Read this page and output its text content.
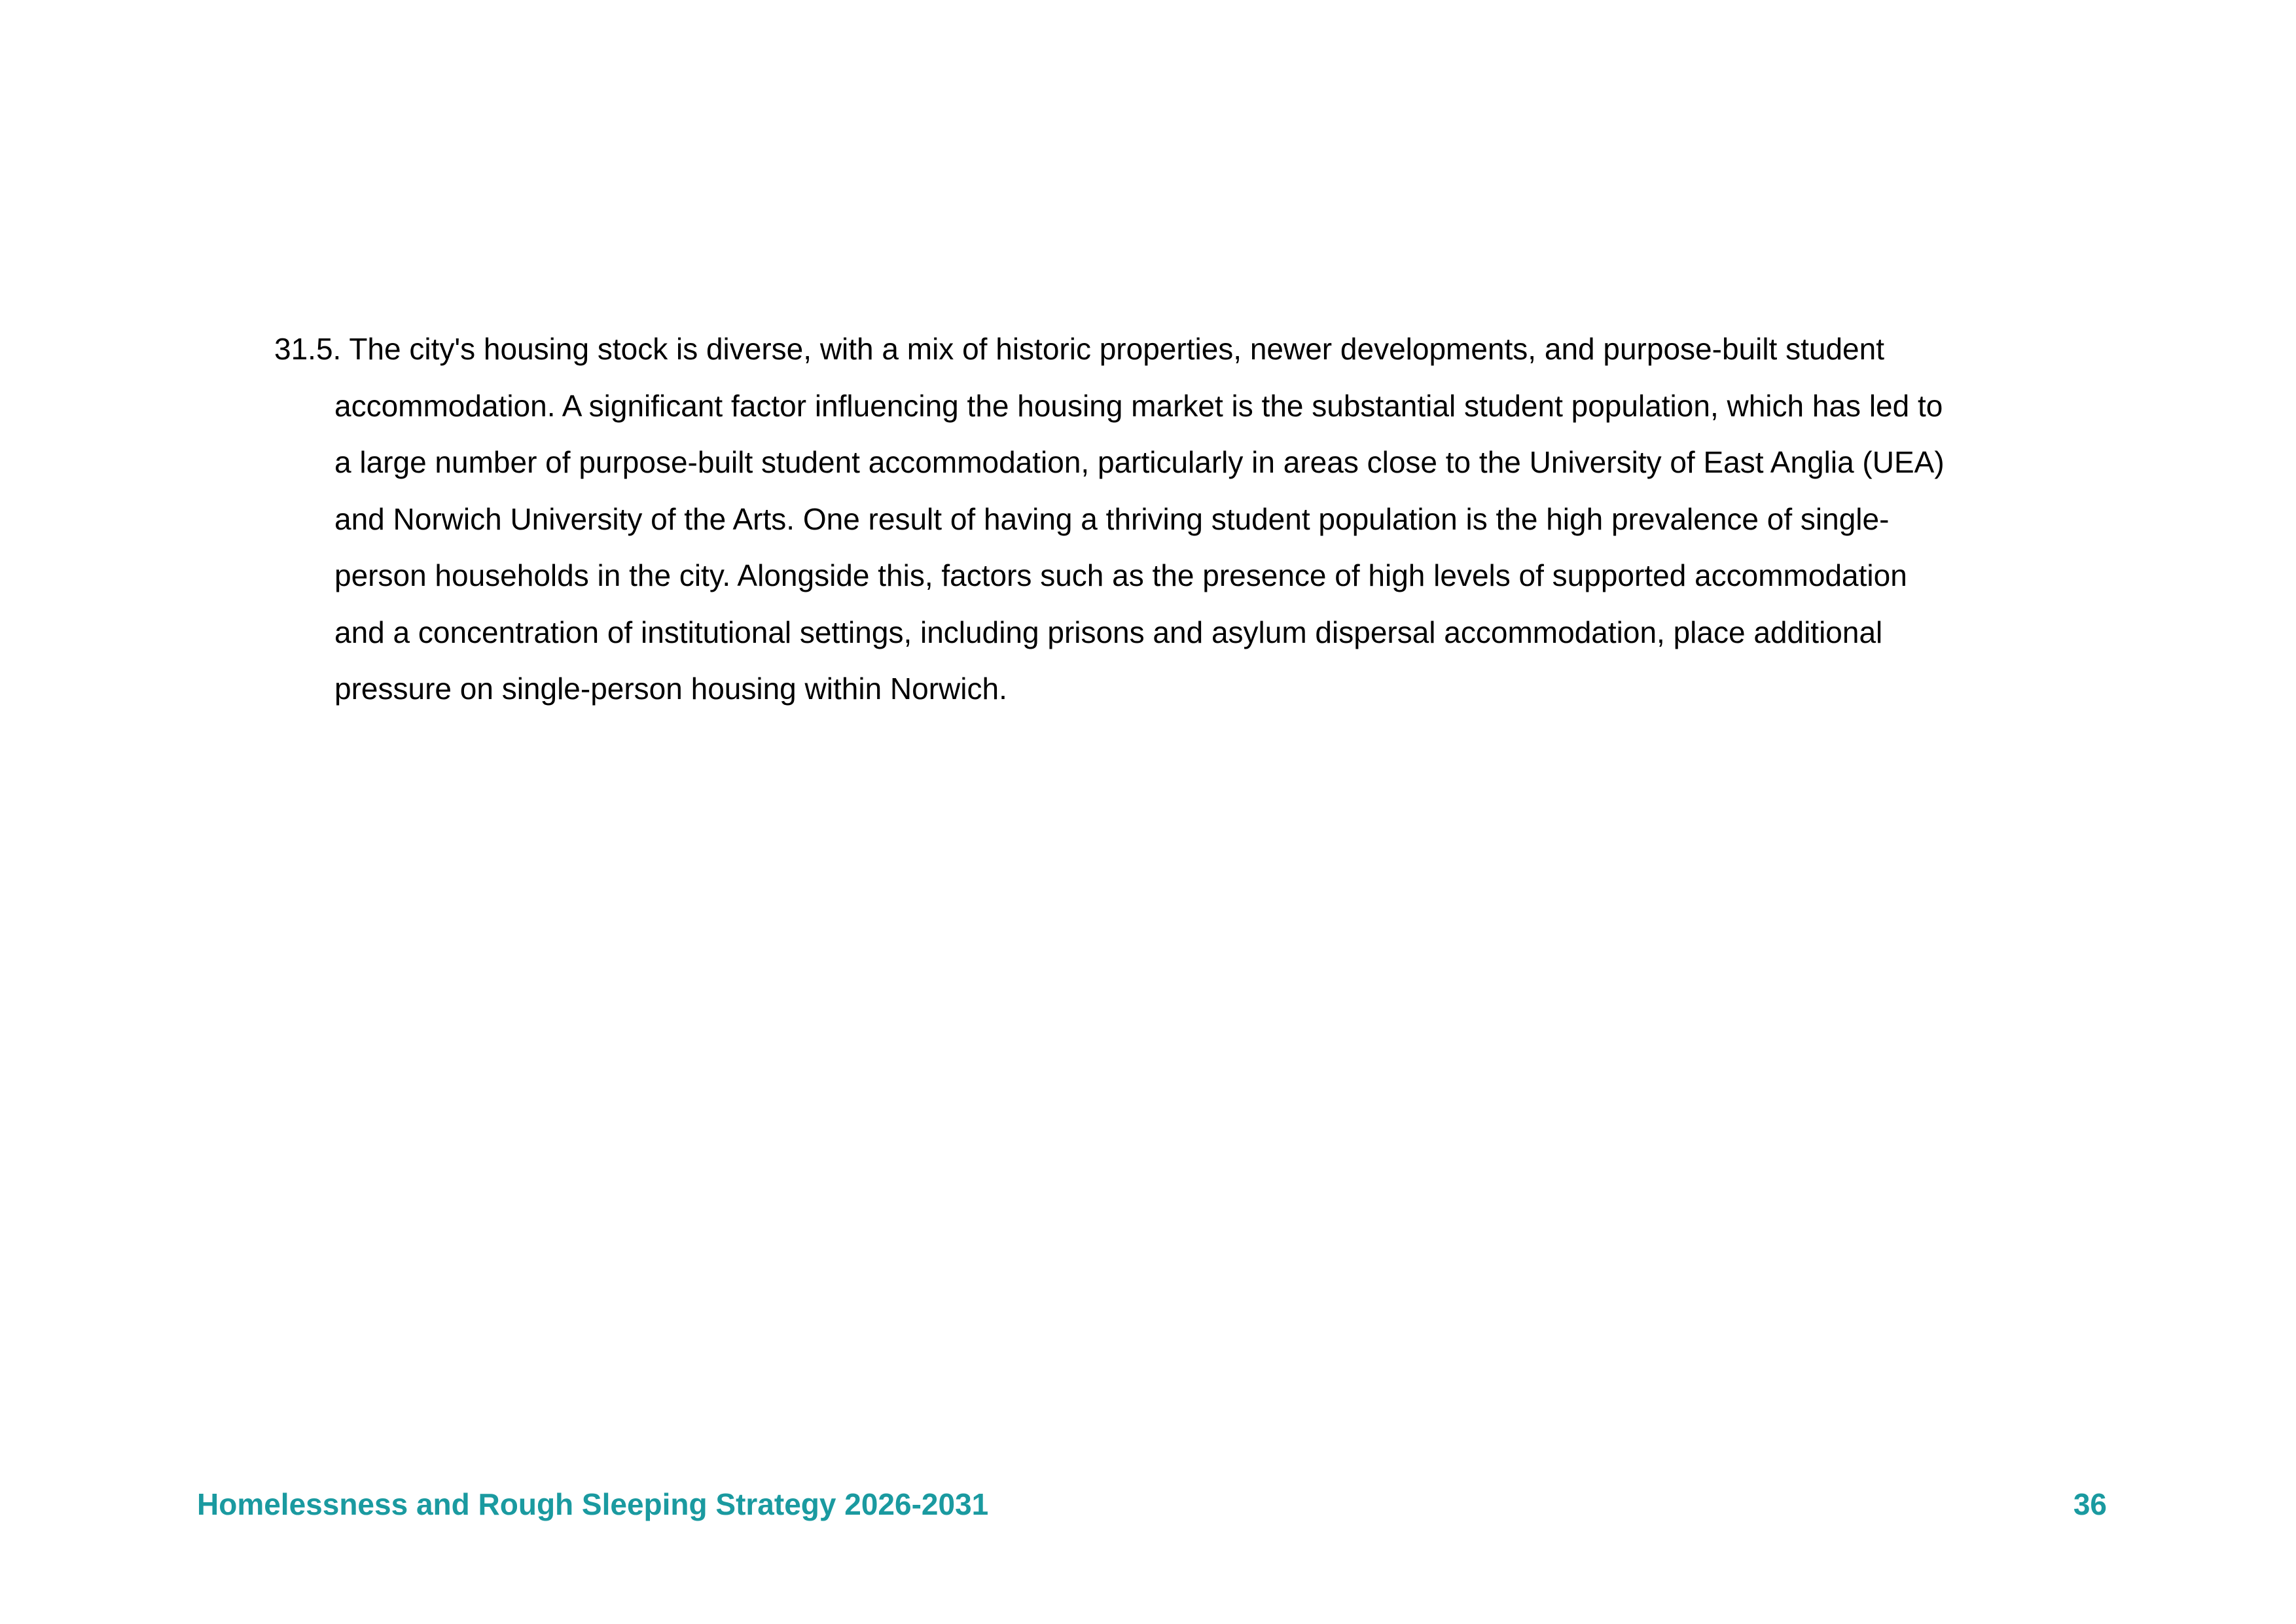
31.5. The city's housing stock is diverse, with a mix of historic properties, newer developments, and purpose-built student
accommodation. A significant factor influencing the housing market is the substantial student population, which has led to
a large number of purpose-built student accommodation, particularly in areas close to the University of East Anglia (UEA)
and Norwich University of the Arts. One result of having a thriving student population is the high prevalence of single-
person households in the city. Alongside this, factors such as the presence of high levels of supported accommodation
and a concentration of institutional settings, including prisons and asylum dispersal accommodation, place additional
pressure on single-person housing within Norwich.

Homelessness and Rough Sleeping Strategy 2026-2031	36
